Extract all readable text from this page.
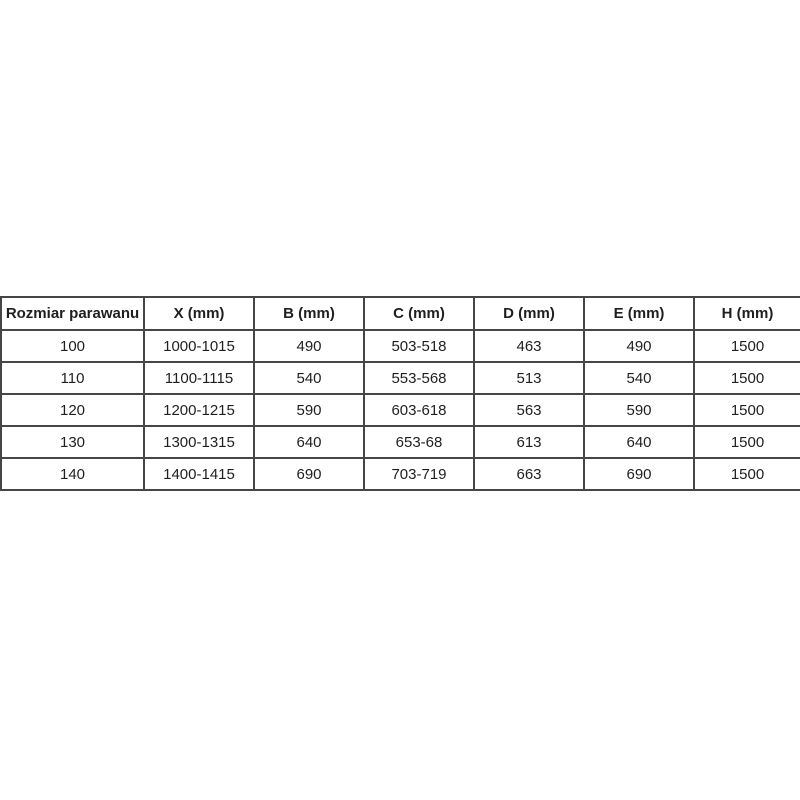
Rozmiar parawanu	X (mm)	B (mm)	C (mm)	D (mm)	E (mm)	H (mm)
100	1000-1015	490	503-518	463	490	1500
110	1100-1115	540	553-568	513	540	1500
120	1200-1215	590	603-618	563	590	1500
130	1300-1315	640	653-68	613	640	1500
140	1400-1415	690	703-719	663	690	1500
